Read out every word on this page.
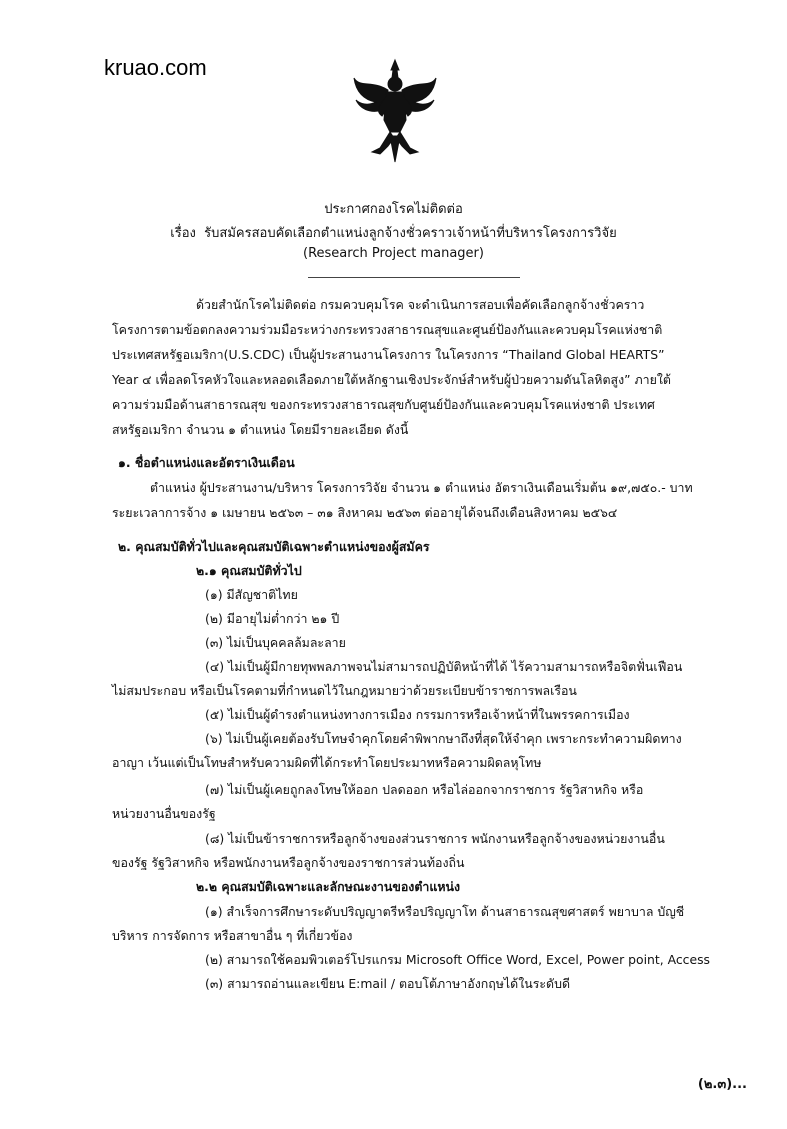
kruao.com
ประกาศกองโรคไม่ติดต่อ
เรื่อง รับสมัครสอบคัดเลือกตำแหน่งลูกจ้างชั่วคราวเจ้าหน้าที่บริหารโครงการวิจัย
(Research Project manager)
ด้วยสำนักโรคไม่ติดต่อ กรมควบคุมโรค จะดำเนินการสอบเพื่อคัดเลือกลูกจ้างชั่วคราว
โครงการตามข้อตกลงความร่วมมือระหว่างกระทรวงสาธารณสุขและศูนย์ป้องกันและควบคุมโรคแห่งชาติ
ประเทศสหรัฐอเมริกา(U.S.CDC) เป็นผู้ประสานงานโครงการ ในโครงการ “Thailand Global HEARTS”
Year ๔ เพื่อลดโรคหัวใจและหลอดเลือดภายใต้หลักฐานเชิงประจักษ์สำหรับผู้ป่วยความดันโลหิตสูง” ภายใต้
ความร่วมมือด้านสาธารณสุข ของกระทรวงสาธารณสุขกับศูนย์ป้องกันและควบคุมโรคแห่งชาติ ประเทศ
สหรัฐอเมริกา จำนวน ๑ ตำแหน่ง โดยมีรายละเอียด ดังนี้
๑. ชื่อตำแหน่งและอัตราเงินเดือน
ตำแหน่ง ผู้ประสานงาน/บริหาร โครงการวิจัย จำนวน ๑ ตำแหน่ง อัตราเงินเดือนเริ่มต้น ๑๙,๗๕๐.- บาท
ระยะเวลาการจ้าง ๑ เมษายน ๒๕๖๓ – ๓๑ สิงหาคม ๒๕๖๓ ต่ออายุได้จนถึงเดือนสิงหาคม ๒๕๖๔
๒. คุณสมบัติทั่วไปและคุณสมบัติเฉพาะตำแหน่งของผู้สมัคร
๒.๑ คุณสมบัติทั่วไป
(๑) มีสัญชาติไทย
(๒) มีอายุไม่ต่ำกว่า ๒๑ ปี
(๓) ไม่เป็นบุคคลล้มละลาย
(๔) ไม่เป็นผู้มีกายทุพพลภาพจนไม่สามารถปฏิบัติหน้าที่ได้ ไร้ความสามารถหรือจิตฟั่นเฟือน
ไม่สมประกอบ หรือเป็นโรคตามที่กำหนดไว้ในกฎหมายว่าด้วยระเบียบข้าราชการพลเรือน
(๕) ไม่เป็นผู้ดำรงตำแหน่งทางการเมือง กรรมการหรือเจ้าหน้าที่ในพรรคการเมือง
(๖) ไม่เป็นผู้เคยต้องรับโทษจำคุกโดยคำพิพากษาถึงที่สุดให้จำคุก เพราะกระทำความผิดทาง
อาญา เว้นแต่เป็นโทษสำหรับความผิดที่ได้กระทำโดยประมาทหรือความผิดลหุโทษ
(๗) ไม่เป็นผู้เคยถูกลงโทษให้ออก ปลดออก หรือไล่ออกจากราชการ รัฐวิสาหกิจ หรือ
หน่วยงานอื่นของรัฐ
(๘) ไม่เป็นข้าราชการหรือลูกจ้างของส่วนราชการ พนักงานหรือลูกจ้างของหน่วยงานอื่น
ของรัฐ รัฐวิสาหกิจ หรือพนักงานหรือลูกจ้างของราชการส่วนท้องถิ่น
๒.๒ คุณสมบัติเฉพาะและลักษณะงานของตำแหน่ง
(๑) สำเร็จการศึกษาระดับปริญญาตรีหรือปริญญาโท ด้านสาธารณสุขศาสตร์ พยาบาล บัญชี
บริหาร การจัดการ หรือสาขาอื่น ๆ ที่เกี่ยวข้อง
(๒) สามารถใช้คอมพิวเตอร์โปรแกรม Microsoft Office Word, Excel, Power point, Access
(๓) สามารถอ่านและเขียน E:mail / ตอบโต้ภาษาอังกฤษได้ในระดับดี
(๒.๓)...
